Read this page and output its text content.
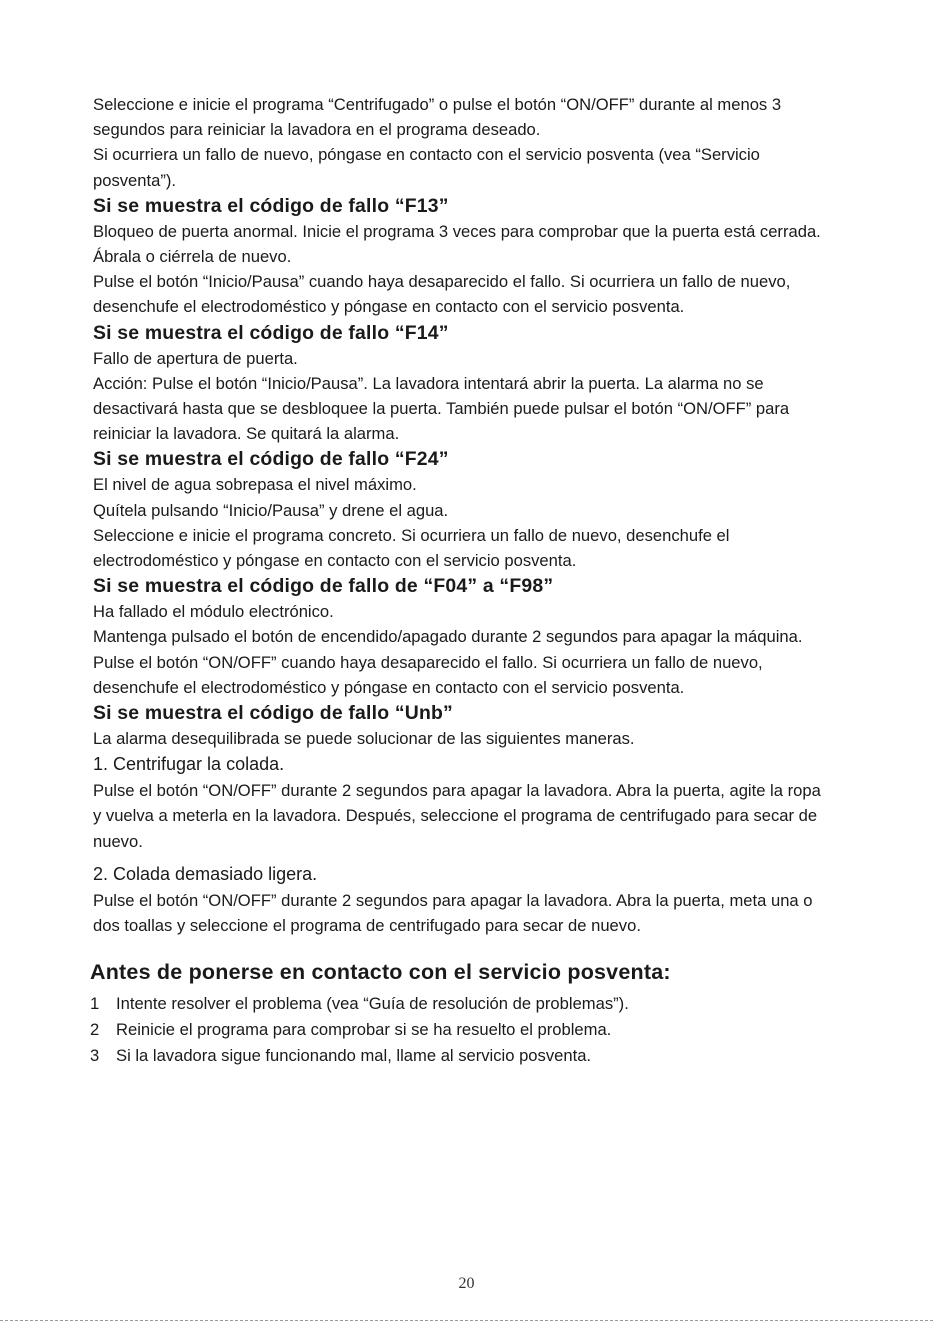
Seleccione e inicie el programa “Centrifugado” o pulse el botón “ON/OFF” durante al menos 3 segundos para reiniciar la lavadora en el programa deseado.

Si ocurriera un fallo de nuevo, póngase en contacto con el servicio posventa (vea “Servicio posventa”).

Si se muestra el código de fallo “F13”

Bloqueo de puerta anormal. Inicie el programa 3 veces para comprobar que la puerta está cerrada.

Ábrala o ciérrela de nuevo.

Pulse el botón “Inicio/Pausa” cuando haya desaparecido el fallo. Si ocurriera un fallo de nuevo, desenchufe el electrodoméstico y póngase en contacto con el servicio posventa.

Si se muestra el código de fallo “F14”

Fallo de apertura de puerta.

Acción: Pulse el botón “Inicio/Pausa”. La lavadora intentará abrir la puerta. La alarma no se desactivará hasta que se desbloquee la puerta. También puede pulsar el botón “ON/OFF” para reiniciar la lavadora. Se quitará la alarma.

Si se muestra el código de fallo “F24”

El nivel de agua sobrepasa el nivel máximo.

Quítela pulsando “Inicio/Pausa” y drene el agua.

Seleccione e inicie el programa concreto. Si ocurriera un fallo de nuevo, desenchufe el electrodoméstico y póngase en contacto con el servicio posventa.

Si se muestra el código de fallo de “F04” a “F98”

Ha fallado el módulo electrónico.

Mantenga pulsado el botón de encendido/apagado durante 2 segundos para apagar la máquina.

Pulse el botón “ON/OFF” cuando haya desaparecido el fallo. Si ocurriera un fallo de nuevo, desenchufe el electrodoméstico y póngase en contacto con el servicio posventa.

Si se muestra el código de fallo “Unb”

La alarma desequilibrada se puede solucionar de las siguientes maneras.

1. Centrifugar la colada.

Pulse el botón “ON/OFF” durante 2 segundos para apagar la lavadora. Abra la puerta, agite la ropa y vuelva a meterla en la lavadora. Después, seleccione el programa de centrifugado para secar de nuevo.

2. Colada demasiado ligera.

Pulse el botón “ON/OFF” durante 2 segundos para apagar la lavadora. Abra la puerta, meta una o dos toallas y seleccione el programa de centrifugado para secar de nuevo.

Antes de ponerse en contacto con el servicio posventa:
1	Intente resolver el problema (vea “Guía de resolución de problemas”).
2	Reinicie el programa para comprobar si se ha resuelto el problema.
3	Si la lavadora sigue funcionando mal, llame al servicio posventa.
20
